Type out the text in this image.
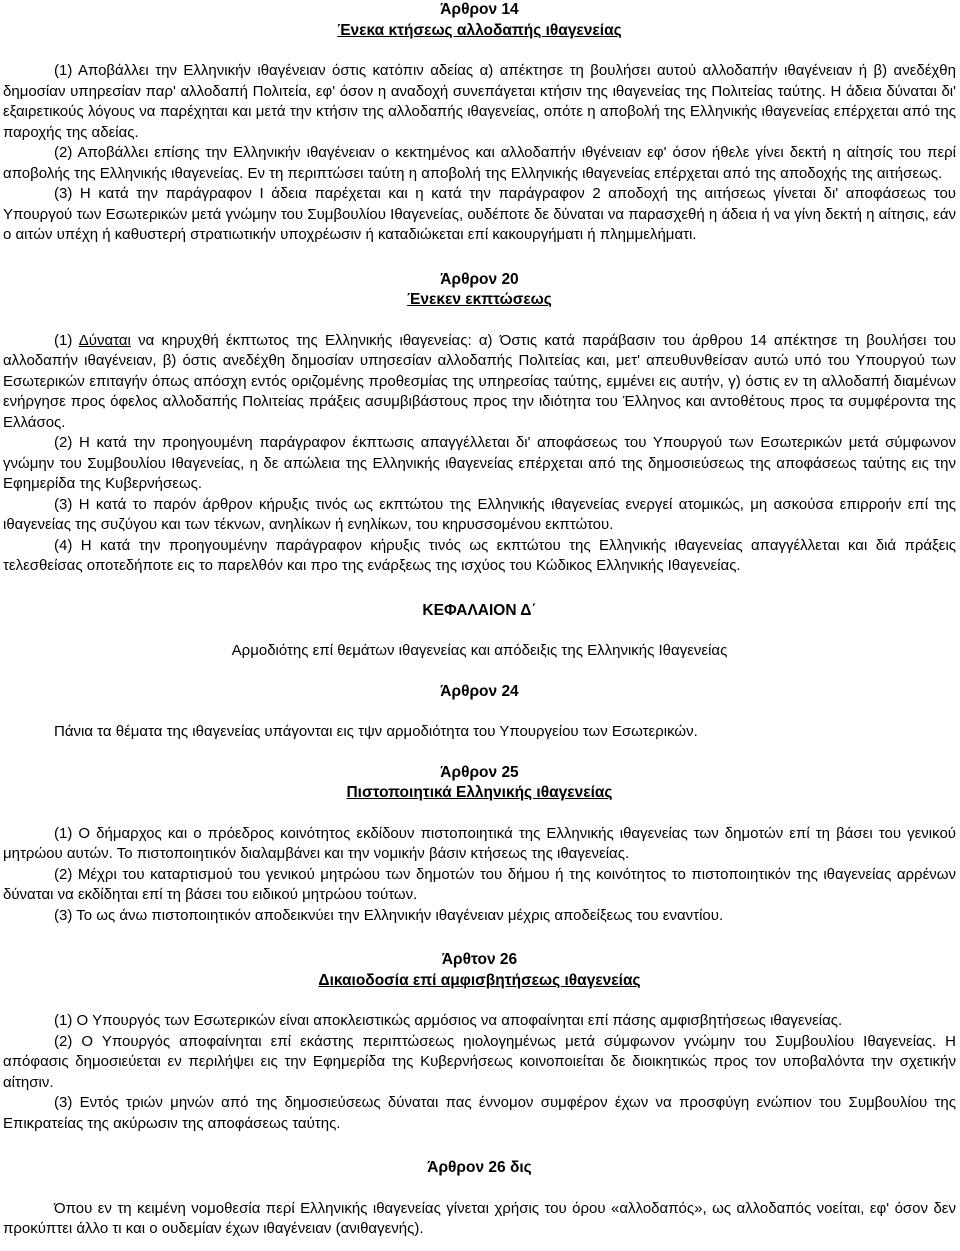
Άρθρον 14
Ένεκα κτήσεως αλλοδαπής ιθαγενείας

(1) Αποβάλλει την Ελληνικήν ιθαγένειαν όστις κατόπιν αδείας α) απέκτησε τη βουλήσει αυτού αλλοδαπήν ιθαγένειαν ή β) ανεδέχθη δημοσίαν υπηρεσίαν παρ' αλλοδαπή Πολιτεία, εφ' όσον η αναδοχή συνεπάγεται κτήσιν της ιθαγενείας της Πολιτείας ταύτης. Η άδεια δύναται δι' εξαιρετικούς λόγους να παρέχηται και μετά την κτήσιν της αλλοδαπής ιθαγενείας, οπότε η αποβολή της Ελληνικής ιθαγενείας επέρχεται από της παροχής της αδείας.

(2) Αποβάλλει επίσης την Ελληνικήν ιθαγένειαν ο κεκτημένος και αλλοδαπήν ιθγένειαν εφ' όσον ήθελε γίνει δεκτή η αίτησίς του περί αποβολής της Ελληνικής ιθαγενείας. Εν τη περιπτώσει ταύτη η αποβολή της Ελληνικής ιθαγενείας επέρχεται από της αποδοχής της αιτήσεως.

(3) Η κατά την παράγραφον Ι άδεια παρέχεται και η κατά την παράγραφον 2 αποδοχή της αιτήσεως γίνεται δι' αποφάσεως του Υπουργού των Εσωτερικών μετά γνώμην του Συμβουλίου Ιθαγενείας, ουδέποτε δε δύναται να παρασχεθή η άδεια ή να γίνη δεκτή η αίτησις, εάν ο αιτών υπέχη ή καθυστερή στρατιωτικήν υποχρέωσιν ή καταδιώκεται επί κακουργήματι ή πλημμελήματι.

Άρθρον 20
Ένεκεν εκπτώσεως

(1) Δύναται να κηρυχθή έκπτωτος της Ελληνικής ιθαγενείας: α) Όστις κατά παράβασιν του άρθρου 14 απέκτησε τη βουλήσει του αλλοδαπήν ιθαγένειαν, β) όστις ανεδέχθη δημοσίαν υπησεσίαν αλλοδαπής Πολιτείας και, μετ' απευθυνθείσαν αυτώ υπό του Υπουργού των Εσωτερικών επιταγήν όπως απόσχη εντός οριζομένης προθεσμίας της υπηρεσίας ταύτης, εμμένει εις αυτήν, γ) όστις εν τη αλλοδαπή διαμένων ενήργησε προς όφελος αλλοδαπής Πολιτείας πράξεις ασυμβιβάστους προς την ιδιότητα του Έλληνος και αντοθέτους προς τα συμφέροντα της Ελλάσος.

(2) Η κατά την προηγουμένη παράγραφον έκπτωσις απαγγέλλεται δι' αποφάσεως του Υπουργού των Εσωτερικών μετά σύμφωνον γνώμην του Συμβουλίου Ιθαγενείας, η δε απώλεια της Ελληνικής ιθαγενείας επέρχεται από της δημοσιεύσεως της αποφάσεως ταύτης εις την Εφημερίδα της Κυβερνήσεως.

(3) Η κατά το παρόν άρθρον κήρυξις τινός ως εκπτώτου της Ελληνικής ιθαγενείας ενεργεί ατομικώς, μη ασκούσα επιρροήν επί της ιθαγενείας της συζύγου και των τέκνων, ανηλίκων ή ενηλίκων, του κηρυσσομένου εκπτώτου.

(4) Η κατά την προηγουμένην παράγραφον κήρυξις τινός ως εκπτώτου της Ελληνικής ιθαγενείας απαγγέλλεται και διά πράξεις τελεσθείσας οποτεδήποτε εις το παρελθόν και προ της ενάρξεως της ισχύος του Κώδικος Ελληνικής Ιθαγενείας.

ΚΕΦΑΛΑΙΟΝ Δ΄

Αρμοδιότης επί θεμάτων ιθαγενείας και απόδειξις της Ελληνικής Ιθαγενείας

Άρθρον 24

Πάνια τα θέματα της ιθαγενείας υπάγονται εις τψν αρμοδιότητα του Υπουργείου των Εσωτερικών.

Άρθρον 25
Πιστοποιητικά Ελληνικής ιθαγενείας

(1) Ο δήμαρχος και ο πρόεδρος κοινότητος εκδίδουν πιστοποιητικά της Ελληνικής ιθαγενείας των δημοτών επί τη βάσει του γενικού μητρώου αυτών. Το πιστοποιητικόν διαλαμβάνει και την νομικήν βάσιν κτήσεως της ιθαγενείας.

(2) Μέχρι του καταρτισμού του γενικού μητρώου των δημοτών του δήμου ή της κοινότητος το πιστοποιητικόν της ιθαγενείας αρρένων δύναται να εκδίδηται επί τη βάσει του ειδικού μητρώου τούτων.

(3) Το ως άνω πιστοποιητικόν αποδεικνύει την Ελληνικήν ιθαγένειαν μέχρις αποδείξεως του εναντίου.

Άρθτον 26
Δικαιοδοσία επί αμφισβητήσεως ιθαγενείας

(1) Ο Υπουργός των Εσωτερικών είναι αποκλειστικώς αρμόσιος να αποφαίνηται επί πάσης αμφισβητήσεως ιθαγενείας.

(2) Ο Υπουργός αποφαίνηται επί εκάστης περιπτώσεως ηιολογημένως μετά σύμφωνον γνώμην του Συμβουλίου Ιθαγενείας. Η απόφασις δημοσιεύεται εν περιλήψει εις την Εφημερίδα της Κυβερνήσεως κοινοποιείται δε διοικητικώς προς τον υποβαλόντα την σχετικήν αίτησιν.

(3) Εντός τριών μηνών από της δημοσιεύσεως δύναται πας έννομον συμφέρον έχων να προσφύγη ενώπιον του Συμβουλίου της Επικρατείας της ακύρωσιν της αποφάσεως ταύτης.

Άρθρον 26 δις

Όπου εν τη κειμένη νομοθεσία περί Ελληνικής ιθαγενείας γίνεται χρήσις του όρου «αλλοδαπός», ως αλλοδαπός νοείται, εφ' όσον δεν προκύπτει άλλο τι και ο ουδεμίαν έχων ιθαγένειαν (ανιθαγενής).
